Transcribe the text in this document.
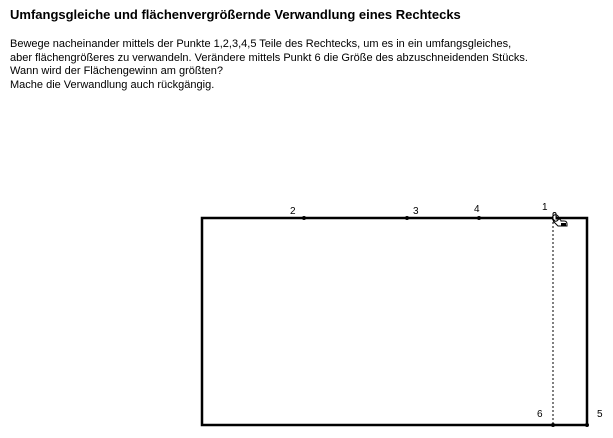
Umfangsgleiche und flächenvergrößernde Verwandlung eines Rechtecks
Bewege nacheinander mittels der Punkte 1,2,3,4,5 Teile des Rechtecks, um es in ein umfangsgleiches,
aber flächengrößeres zu verwandeln. Verändere mittels Punkt 6 die Größe des abzuschneidenden Stücks.
Wann wird der Flächengewinn am größten?
Mache die Verwandlung auch rückgängig.
2	3	4	1
6	5
